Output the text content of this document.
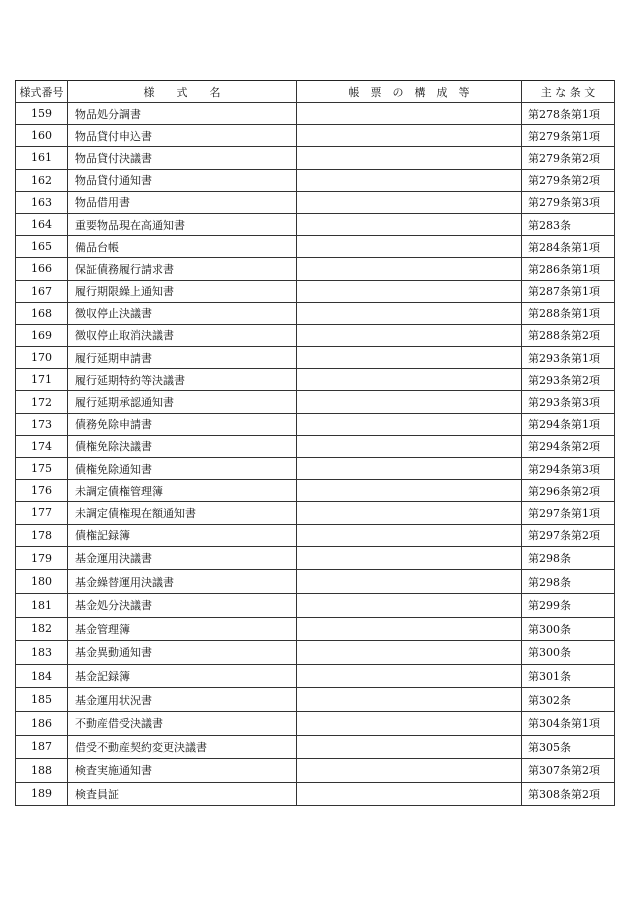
様式番号	様　　式　　名	帳　票　の　構　成　等	主 な 条 文
159	物品処分調書		第278条第1項
160	物品貸付申込書		第279条第1項
161	物品貸付決議書		第279条第2項
162	物品貸付通知書		第279条第2項
163	物品借用書		第279条第3項
164	重要物品現在高通知書		第283条
165	備品台帳		第284条第1項
166	保証債務履行請求書		第286条第1項
167	履行期限繰上通知書		第287条第1項
168	徴収停止決議書		第288条第1項
169	徴収停止取消決議書		第288条第2項
170	履行延期申請書		第293条第1項
171	履行延期特約等決議書		第293条第2項
172	履行延期承認通知書		第293条第3項
173	債務免除申請書		第294条第1項
174	債権免除決議書		第294条第2項
175	債権免除通知書		第294条第3項
176	未調定債権管理簿		第296条第2項
177	未調定債権現在額通知書		第297条第1項
178	債権記録簿		第297条第2項
179	基金運用決議書		第298条
180	基金繰替運用決議書		第298条
181	基金処分決議書		第299条
182	基金管理簿		第300条
183	基金異動通知書		第300条
184	基金記録簿		第301条
185	基金運用状況書		第302条
186	不動産借受決議書		第304条第1項
187	借受不動産契約変更決議書		第305条
188	検査実施通知書		第307条第2項
189	検査員証		第308条第2項
